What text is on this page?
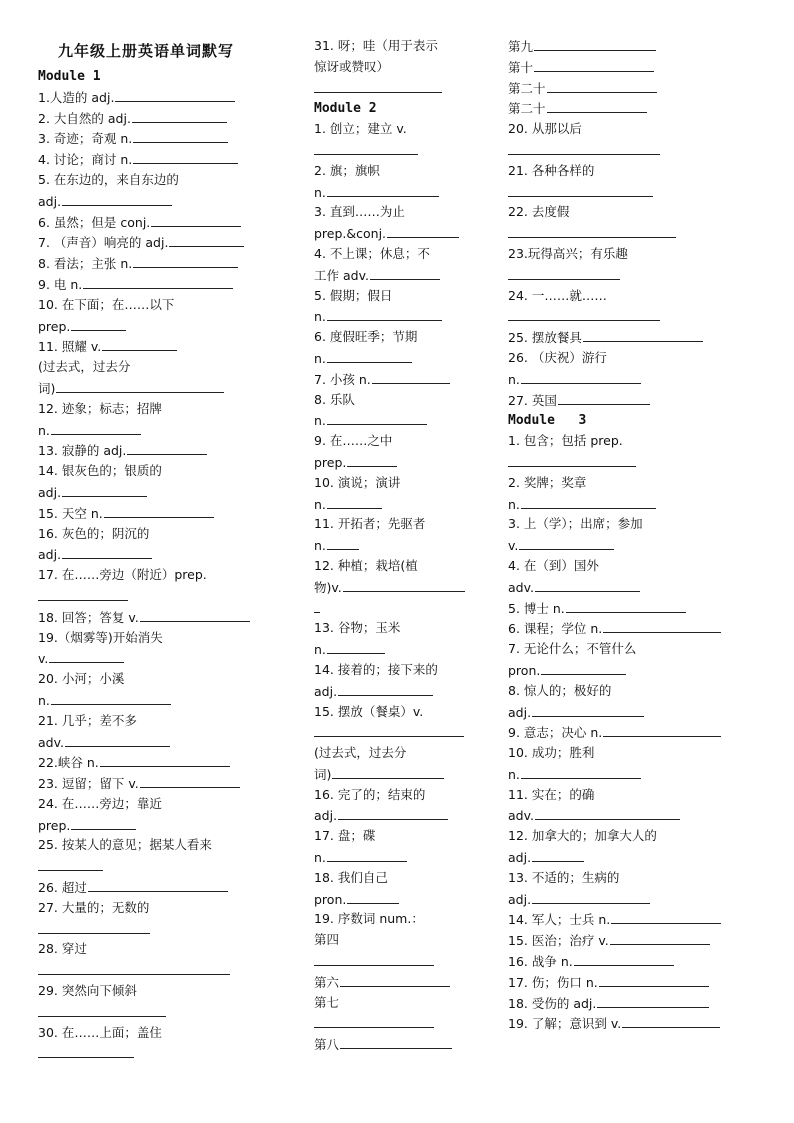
九年级上册英语单词默写
Module 1
1.人造的 adj.
2. 大自然的 adj.
3. 奇迹；奇观 n.
4. 讨论；商讨 n.
5. 在东边的，来自东边的
adj.
6. 虽然；但是 conj.
7. （声音）响亮的 adj.
8. 看法；主张 n.
9. 电 n.
10. 在下面；在……以下
prep.
11. 照耀 v.
(过去式，过去分
词)
12. 迹象；标志；招牌
n.
13. 寂静的 adj.
14. 银灰色的；银质的
adj.
15. 天空 n.
16. 灰色的；阴沉的
adj.
17. 在……旁边（附近）prep.
18. 回答；答复 v.
19.（烟雾等)开始消失
v.
20. 小河；小溪
n.
21. 几乎；差不多
adv.
22.峡谷 n.
23. 逗留；留下 v.
24. 在……旁边；靠近
prep.
25. 按某人的意见；据某人看来
26. 超过
27. 大量的；无数的
28. 穿过
29. 突然向下倾斜
30. 在……上面；盖住
31. 呀；哇（用于表示
惊讶或赞叹）
Module 2
1. 创立；建立 v.
2. 旗；旗帜
n.
3. 直到……为止
prep.&conj.
4. 不上课；休息；不
工作 adv.
5. 假期；假日
n.
6. 度假旺季；节期
n.
7. 小孩 n.
8. 乐队
n.
9. 在……之中
prep.
10. 演说；演讲
n.
11. 开拓者；先驱者
n.
12. 种植；栽培(植
物)v.
13. 谷物；玉米
n.
14. 接着的；接下来的
adj.
15. 摆放（餐桌）v.
(过去式，过去分
词)
16. 完了的；结束的
adj.
17. 盘；碟
n.
18. 我们自己
pron.
19. 序数词 num.：
第四
第六
第七
第八
第九
第十
第二十
第二十
20. 从那以后
21. 各种各样的
22. 去度假
23.玩得高兴；有乐趣
24. 一……就……
25. 摆放餐具
26. （庆祝）游行
n.
27. 英国
Module   3
1. 包含；包括 prep.
2. 奖牌；奖章
n.
3. 上（学）；出席；参加
v.
4. 在（到）国外
adv.
5. 博士 n.
6. 课程；学位 n.
7. 无论什么；不管什么
pron.
8. 惊人的；极好的
adj.
9. 意志；决心 n.
10. 成功；胜利
n.
11. 实在；的确
adv.
12. 加拿大的；加拿大人的
adj.
13. 不适的；生病的
adj.
14. 军人；士兵 n.
15. 医治；治疗 v.
16. 战争 n.
17. 伤；伤口 n.
18. 受伤的 adj.
19. 了解；意识到 v.
